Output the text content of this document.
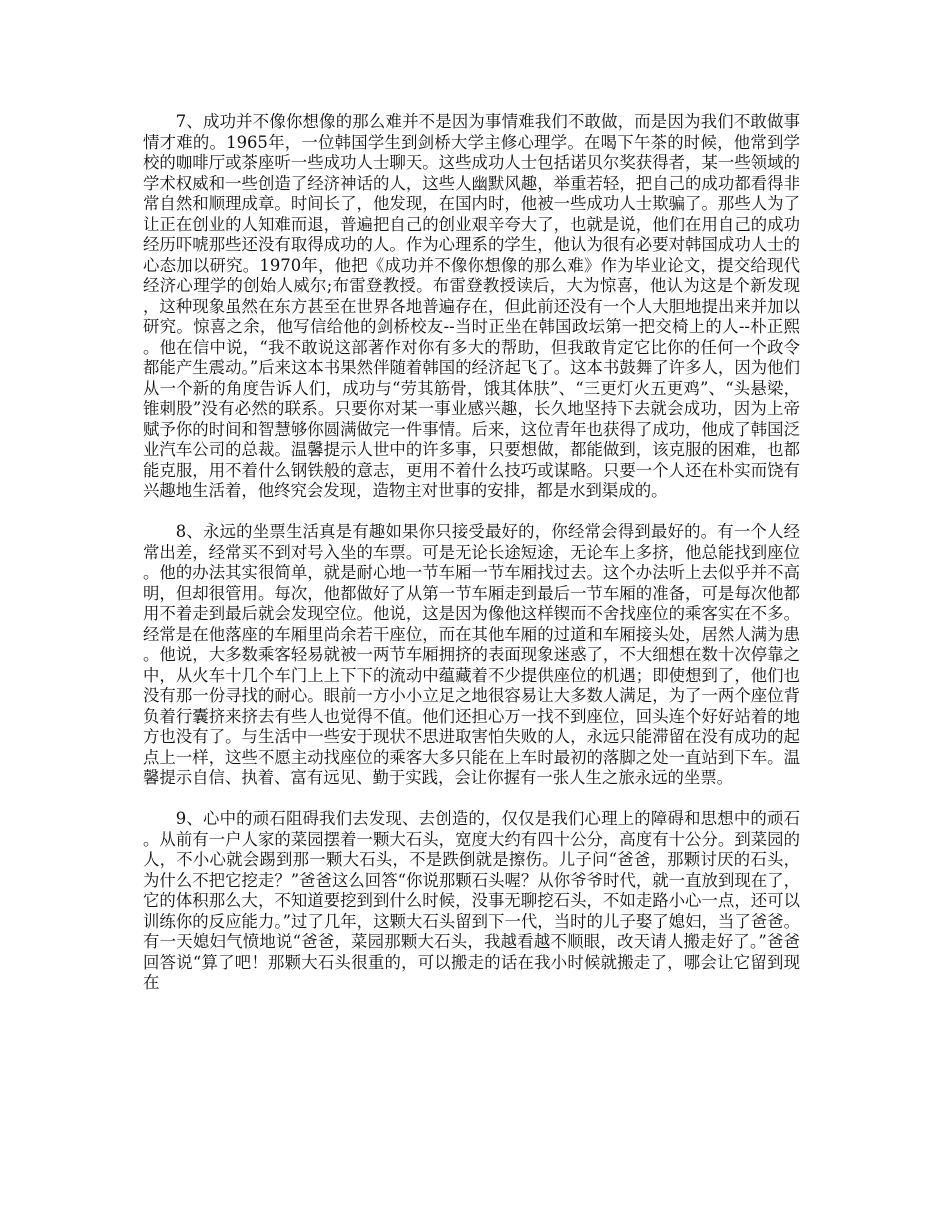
7、成功并不像你想像的那么难并不是因为事情难我们不敢做，而是因为我们不敢做事情才难的。1965年，一位韩国学生到剑桥大学主修心理学。在喝下午茶的时候，他常到学校的咖啡厅或茶座听一些成功人士聊天。这些成功人士包括诺贝尔奖获得者，某一些领域的学术权威和一些创造了经济神话的人，这些人幽默风趣，举重若轻，把自己的成功都看得非常自然和顺理成章。时间长了，他发现，在国内时，他被一些成功人士欺骗了。那些人为了让正在创业的人知难而退，普遍把自己的创业艰辛夸大了，也就是说，他们在用自己的成功经历吓唬那些还没有取得成功的人。作为心理系的学生，他认为很有必要对韩国成功人士的心态加以研究。1970年，他把《成功并不像你想像的那么难》作为毕业论文，提交给现代经济心理学的创始人威尔;布雷登教授。布雷登教授读后，大为惊喜，他认为这是个新发现，这种现象虽然在东方甚至在世界各地普遍存在，但此前还没有一个人大胆地提出来并加以研究。惊喜之余，他写信给他的剑桥校友--当时正坐在韩国政坛第一把交椅上的人--朴正熙。他在信中说，“我不敢说这部著作对你有多大的帮助，但我敢肯定它比你的任何一个政令都能产生震动。”后来这本书果然伴随着韩国的经济起飞了。这本书鼓舞了许多人，因为他们从一个新的角度告诉人们，成功与“劳其筋骨，饿其体肤”、“三更灯火五更鸡”、“头悬梁，锥刺股”没有必然的联系。只要你对某一事业感兴趣，长久地坚持下去就会成功，因为上帝赋予你的时间和智慧够你圆满做完一件事情。后来，这位青年也获得了成功，他成了韩国泛业汽车公司的总裁。温馨提示人世中的许多事，只要想做，都能做到，该克服的困难，也都能克服，用不着什么钢铁般的意志，更用不着什么技巧或谋略。只要一个人还在朴实而饶有兴趣地生活着，他终究会发现，造物主对世事的安排，都是水到渠成的。

8、永远的坐票生活真是有趣如果你只接受最好的，你经常会得到最好的。有一个人经常出差，经常买不到对号入坐的车票。可是无论长途短途，无论车上多挤，他总能找到座位。他的办法其实很简单，就是耐心地一节车厢一节车厢找过去。这个办法听上去似乎并不高明，但却很管用。每次，他都做好了从第一节车厢走到最后一节车厢的准备，可是每次他都用不着走到最后就会发现空位。他说，这是因为像他这样锲而不舍找座位的乘客实在不多。经常是在他落座的车厢里尚余若干座位，而在其他车厢的过道和车厢接头处，居然人满为患。他说，大多数乘客轻易就被一两节车厢拥挤的表面现象迷惑了，不大细想在数十次停靠之中，从火车十几个车门上上下下的流动中蕴藏着不少提供座位的机遇；即使想到了，他们也没有那一份寻找的耐心。眼前一方小小立足之地很容易让大多数人满足，为了一两个座位背负着行囊挤来挤去有些人也觉得不值。他们还担心万一找不到座位，回头连个好好站着的地方也没有了。与生活中一些安于现状不思进取害怕失败的人，永远只能滞留在没有成功的起点上一样，这些不愿主动找座位的乘客大多只能在上车时最初的落脚之处一直站到下车。温馨提示自信、执着、富有远见、勤于实践，会让你握有一张人生之旅永远的坐票。

9、心中的顽石阻碍我们去发现、去创造的，仅仅是我们心理上的障碍和思想中的顽石。从前有一户人家的菜园摆着一颗大石头，宽度大约有四十公分，高度有十公分。到菜园的人，不小心就会踢到那一颗大石头，不是跌倒就是擦伤。儿子问“爸爸，那颗讨厌的石头，为什么不把它挖走？”爸爸这么回答“你说那颗石头喔？从你爷爷时代，就一直放到现在了，它的体积那么大，不知道要挖到到什么时候，没事无聊挖石头，不如走路小心一点，还可以训练你的反应能力。”过了几年，这颗大石头留到下一代，当时的儿子娶了媳妇，当了爸爸。有一天媳妇气愤地说“爸爸，菜园那颗大石头，我越看越不顺眼，改天请人搬走好了。”爸爸回答说“算了吧！那颗大石头很重的，可以搬走的话在我小时候就搬走了，哪会让它留到现在
